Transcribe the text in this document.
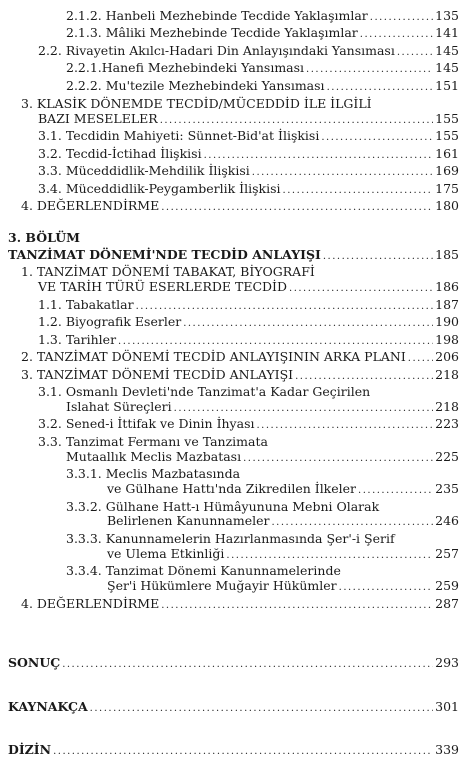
2.1.2. Hanbeli Mezhebinde Tecdide Yaklaşımlar .....	135
2.1.3. Mâliki Mezhebinde Tecdide Yaklaşımlar .....	141
2.2. Rivayetin Akılcı-Hadari Din Anlayışındaki Yansıması .....	145
2.2.1.Hanefi Mezhebindeki Yansıması .....	145
2.2.2. Mu'tezile Mezhebindeki Yansıması .....	151
3. KLASİK DÖNEMDE TECDİD/MÜCEDDİD İLE İLGİLİ
BAZI MESELELER .....	155
3.1. Tecdidin Mahiyeti: Sünnet-Bid'at İlişkisi .....	155
3.2. Tecdid-İctihad İlişkisi .....	161
3.3. Müceddidlik-Mehdilik İlişkisi .....	169
3.4. Müceddidlik-Peygamberlik İlişkisi .....	175
4. DEĞERLENDİRME .....	180
3. BÖLÜM
TANZİMAT DÖNEMİ'NDE TECDİD ANLAYIŞI .....	185
1. TANZİMAT DÖNEMİ TABAKAT, BİYOGRAFİ
VE TARİH TÜRÜ ESERLERDE TECDİD .....	186
1.1. Tabakatlar .....	187
1.2. Biyografik Eserler .....	190
1.3. Tarihler .....	198
2. TANZİMAT DÖNEMİ TECDİD ANLAYIŞININ ARKA PLANI ..... 206
3. TANZİMAT DÖNEMİ TECDİD ANLAYIŞI .....	218
3.1. Osmanlı Devleti'nde Tanzimat'a Kadar Geçirilen
Islahat Süreçleri .....	218
3.2. Sened-i İttifak ve Dinin İhyası .....	223
3.3. Tanzimat Fermanı ve Tanzimata
Mutaallık Meclis Mazbatası .....	225
3.3.1. Meclis Mazbatasında
ve Gülhane Hattı'nda Zikredilen İlkeler .....	235
3.3.2. Gülhane Hatt-ı Hümâyununa Mebni Olarak
Belirlenen Kanunnameler .....	246
3.3.3. Kanunnamelerin Hazırlanmasında Şer'-i Şerif
ve Ulema Etkinliği .....	257
3.3.4. Tanzimat Dönemi Kanunnamelerinde
Şer'i Hükümlere Muğayir Hükümler .....	259
4. DEĞERLENDİRME .....	287
SONUÇ .....	293
KAYNAKÇA .....	301
DİZİN .....	339
